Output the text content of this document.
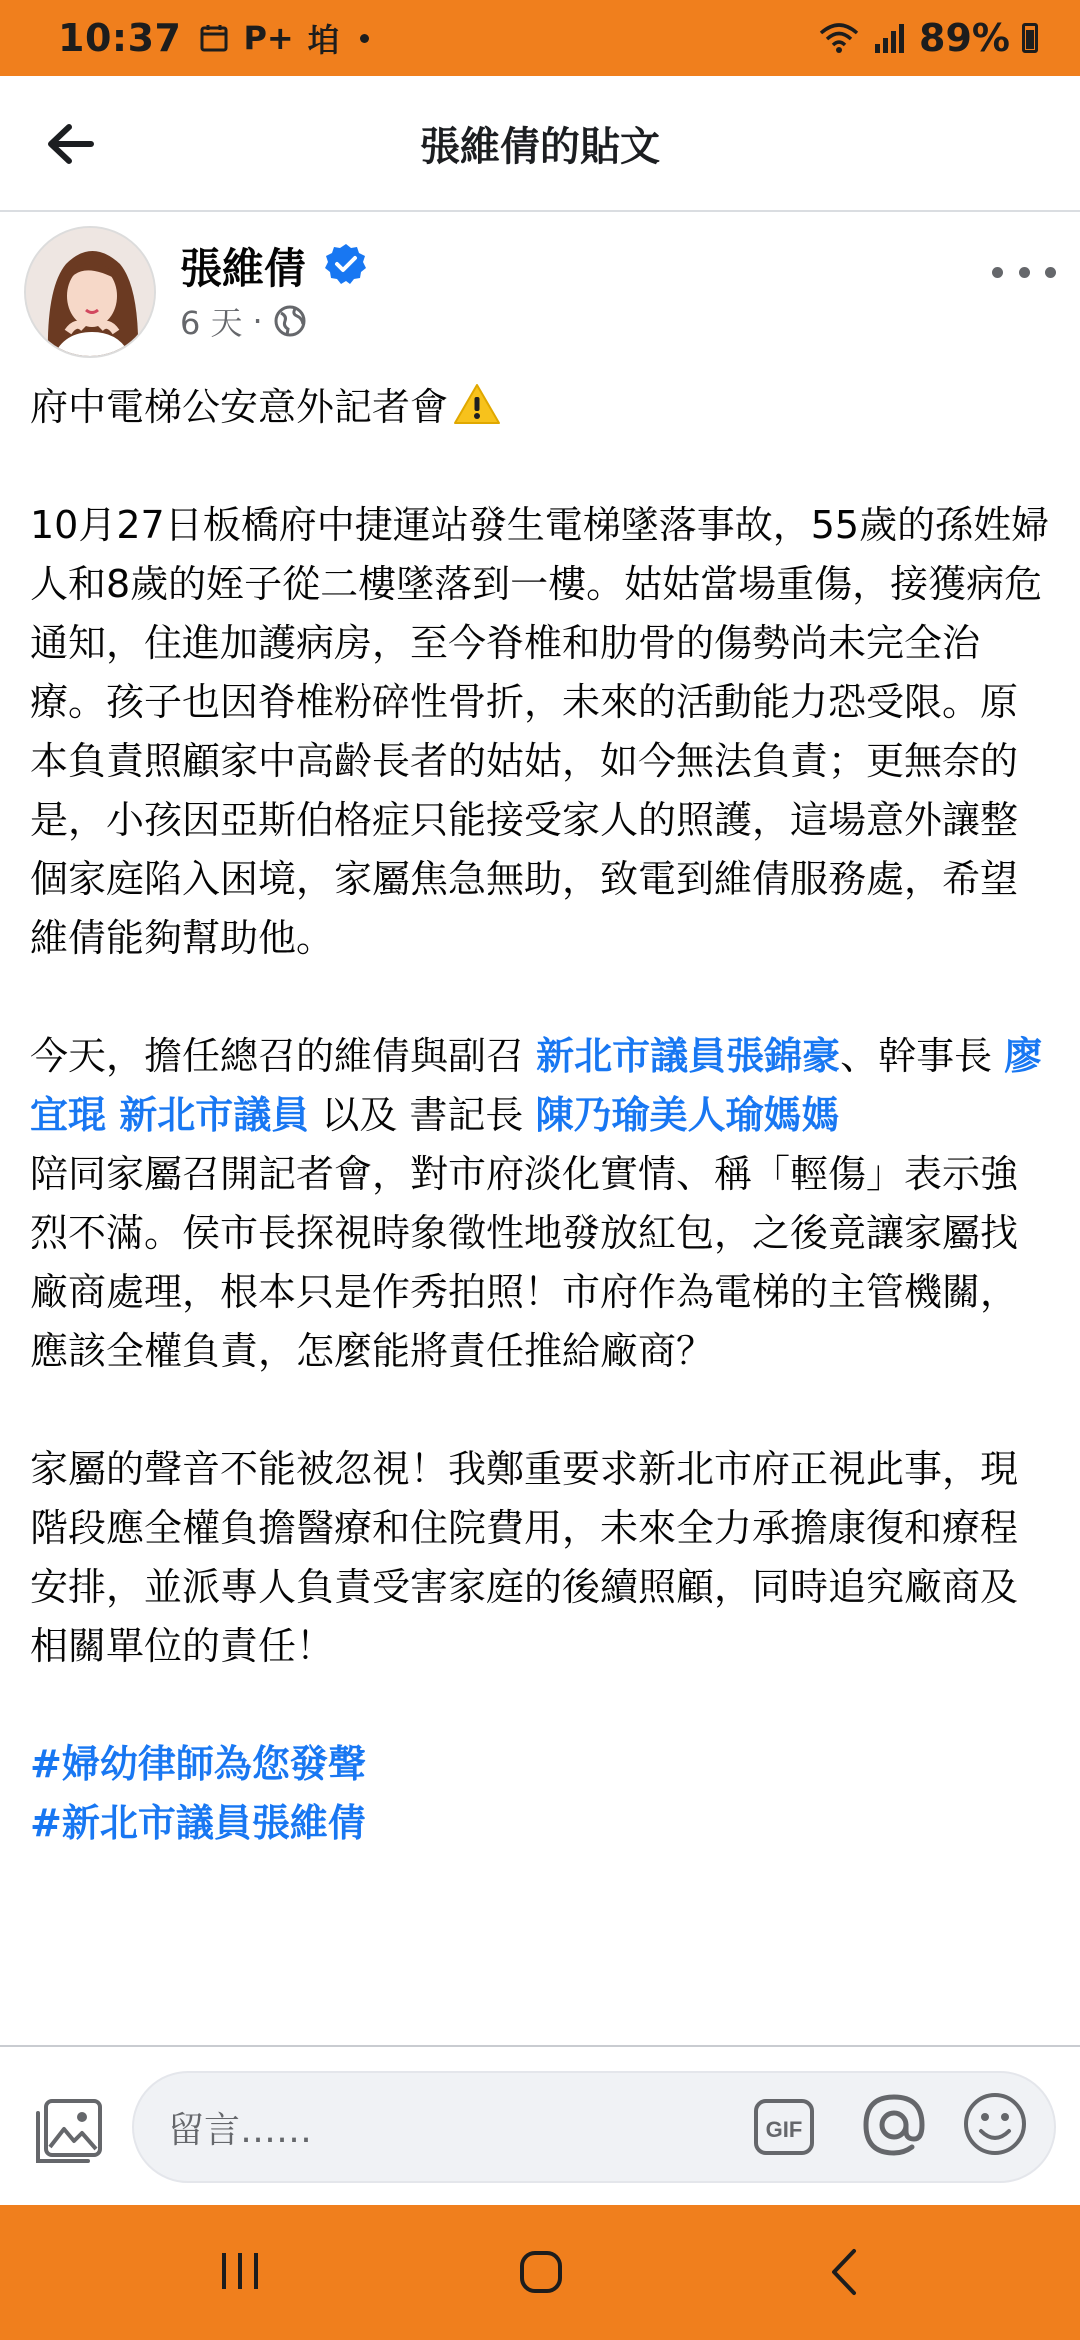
10:37 P+ 垍	89%
張維倩的貼文
張維倩
6 天 ·

府中電梯公安意外記者會

10月27日板橋府中捷運站發生電梯墜落事故，55歲的孫姓婦人和8歲的姪子從二樓墜落到一樓。姑姑當場重傷，接獲病危通知，住進加護病房，至今脊椎和肋骨的傷勢尚未完全治療。孩子也因脊椎粉碎性骨折，未來的活動能力恐受限。原本負責照顧家中高齡長者的姑姑，如今無法負責；更無奈的是，小孩因亞斯伯格症只能接受家人的照護，這場意外讓整個家庭陷入困境，家屬焦急無助，致電到維倩服務處，希望維倩能夠幫助他。

今天，擔任總召的維倩與副召 新北市議員張錦豪、幹事長 廖宜琨 新北市議員 以及 書記長 陳乃瑜美人瑜媽媽
陪同家屬召開記者會，對市府淡化實情、稱「輕傷」表示強烈不滿。侯市長探視時象徵性地發放紅包，之後竟讓家屬找廠商處理，根本只是作秀拍照！市府作為電梯的主管機關，應該全權負責，怎麼能將責任推給廠商？

家屬的聲音不能被忽視！我鄭重要求新北市府正視此事，現階段應全權負擔醫療和住院費用，未來全力承擔康復和療程安排，並派專人負責受害家庭的後續照顧，同時追究廠商及相關單位的責任！

#婦幼律師為您發聲
#新北市議員張維倩
留言……	GIF
